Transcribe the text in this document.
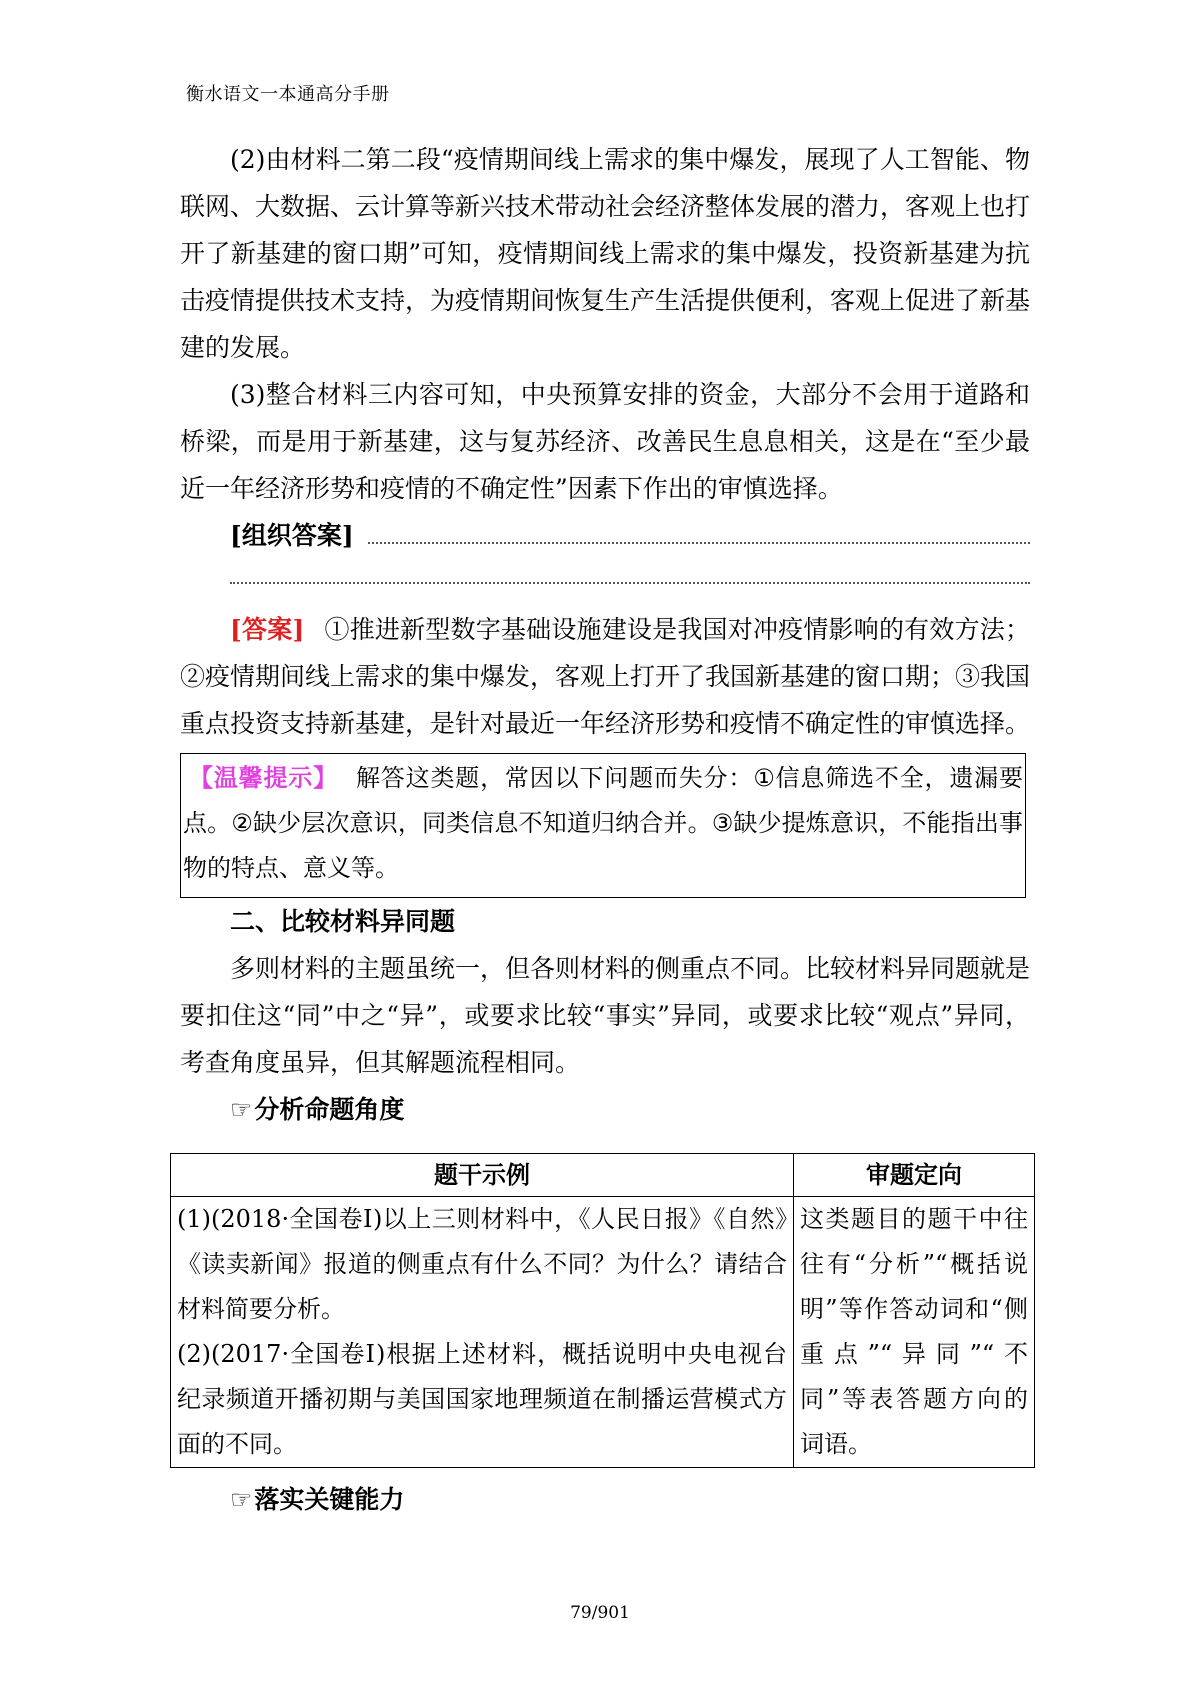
衡水语文一本通高分手册

(2)由材料二第二段“疫情期间线上需求的集中爆发，展现了人工智能、物联网、大数据、云计算等新兴技术带动社会经济整体发展的潜力，客观上也打开了新基建的窗口期”可知，疫情期间线上需求的集中爆发，投资新基建为抗击疫情提供技术支持，为疫情期间恢复生产生活提供便利，客观上促进了新基建的发展。

(3)整合材料三内容可知，中央预算安排的资金，大部分不会用于道路和桥梁，而是用于新基建，这与复苏经济、改善民生息息相关，这是在“至少最近一年经济形势和疫情的不确定性”因素下作出的审慎选择。

[组织答案]

[答案] ①推进新型数字基础设施建设是我国对冲疫情影响的有效方法；②疫情期间线上需求的集中爆发，客观上打开了我国新基建的窗口期；③我国重点投资支持新基建，是针对最近一年经济形势和疫情不确定性的审慎选择。

【温馨提示】 解答这类题，常因以下问题而失分：①信息筛选不全，遗漏要点。②缺少层次意识，同类信息不知道归纳合并。③缺少提炼意识，不能指出事物的特点、意义等。

二、比较材料异同题

多则材料的主题虽统一，但各则材料的侧重点不同。比较材料异同题就是要扣住这“同”中之“异”，或要求比较“事实”异同，或要求比较“观点”异同，考查角度虽异，但其解题流程相同。

☞分析命题角度

题干示例	审题定向

(1)(2018·全国卷Ⅰ)以上三则材料中，《人民日报》《自然》《读卖新闻》报道的侧重点有什么不同？为什么？请结合材料简要分析。
(2)(2017·全国卷Ⅰ)根据上述材料，概括说明中央电视台纪录频道开播初期与美国国家地理频道在制播运营模式方面的不同。	这类题目的题干中往往有“分析”“概括说明”等作答动词和“侧重点”“异同”“不同”等表答题方向的词语。

☞落实关键能力

79/901
